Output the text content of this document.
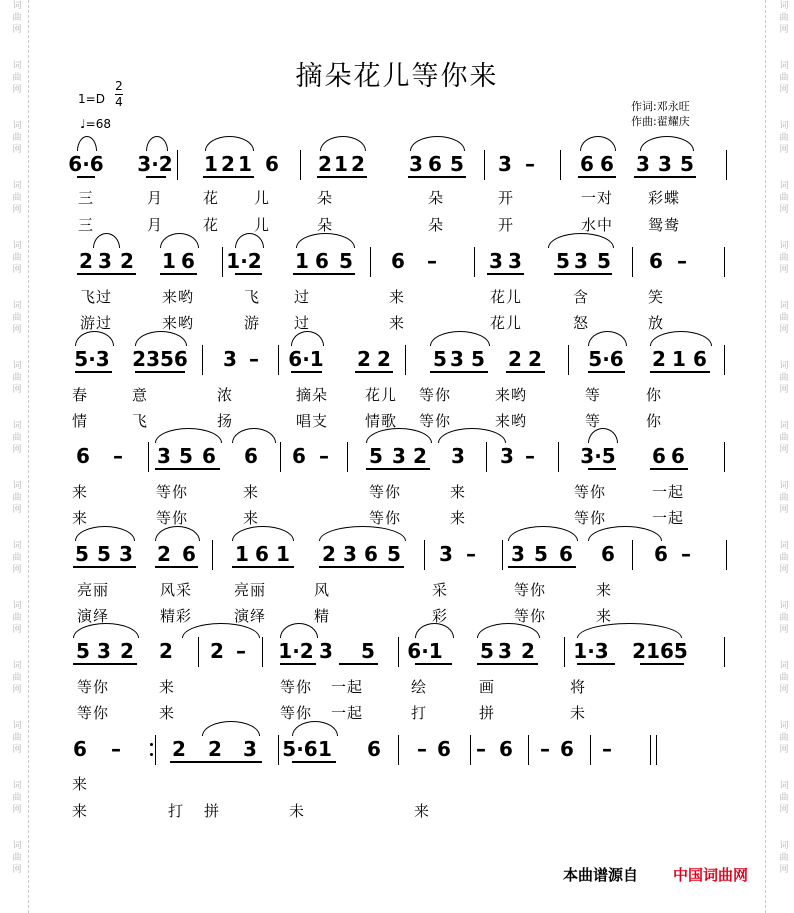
词
曲
网
词
曲
网
词
曲
网
词
曲
网
词
曲
网
词
曲
网
词
曲
网
词
曲
网
词
曲
网
词
曲
网
词
曲
网
词
曲
网
词
曲
网
词
曲
网
词
曲
网
词
曲
网
词
曲
网
词
曲
网
词
曲
网
词
曲
网
词
曲
网
词
曲
网
词
曲
网
词
曲
网
词
曲
网
词
曲
网
词
曲
网
词
曲
网
词
曲
网
词
曲
网
摘朵花儿等你来
1=D
2
4
♩=68
作词:邓永旺
作曲:翟耀庆
6·6 3·2 1 2 1 6 2 1 2 3 6 5 3 – 6 6 3 3 5
三	月	花 儿	朵	朵	开	一对 彩蝶
三	月	花 儿	朵	朵	开	水中 鸳鸯
2 3 2 1 6 1·2 1 6 5 6 –	3 3 5 3 5 6 –
飞过	来哟	飞 过	来	花儿	含	笑
游过	来哟	游 过	来	花儿	怒	放
5·3 2356 3 – 6·1 2 2 5 3 5 2 2 5·6 2 1 6
春	意	浓	摘朵 花儿 等你	来哟	等	你
情	飞	扬	唱支 情歌 等你	来哟	等	你
6 – 3 5 6 6 6 – 5 3 2 3 3 – 3·5 6 6
来	等你	来	等你	来	等你	一起
来	等你	来	等你	来	等你	一起
5 5 3 2 6 1 6 1 2 3 6 5 3 – 3 5 6 6 6 –
亮丽	风采	亮丽	风	采	等你	来
演绎	精彩	演绎	精	彩	等你	来
5 3 2 2 2 – 1·2 3 5 6·1 5 3 2 1·3 2165
等你	来	等你 一起	绘	画	将
等你	来	等你 一起	打	拼	未
6 –	2 2 3 5·6 1 6 – 6 – 6 – 6 –
来
来	打 拼	未	来
本曲谱源自 中国词曲网
